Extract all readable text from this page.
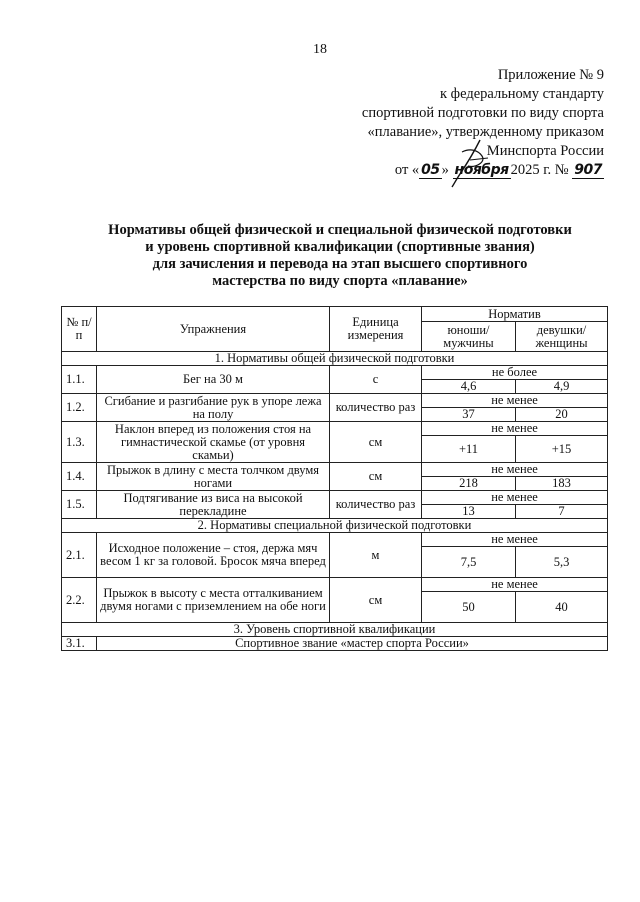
18
Приложение № 9
к федеральному стандарту
спортивной подготовки по виду спорта
«плавание», утвержденному приказом
Минспорта России
от « 05 » ноября 2025 г. № 907
Нормативы общей физической и специальной физической подготовки
и уровень спортивной квалификации (спортивные звания)
для зачисления и перевода на этап высшего спортивного
мастерства по виду спорта «плавание»
№ п/п	Упражнения	Единица измерения	Норматив	
			юноши/ мужчины	девушки/ женщины
1. Нормативы общей физической подготовки				
1.1.	Бег на 30 м	с	не более	
			4,6	4,9
1.2.	Сгибание и разгибание рук в упоре лежа на полу	количество раз	не менее	
			37	20
1.3.	Наклон вперед из положения стоя на гимнастической скамье (от уровня скамьи)	см	не менее	
			+11	+15
1.4.	Прыжок в длину с места толчком двумя ногами	см	не менее	
			218	183
1.5.	Подтягивание из виса на высокой перекладине	количество раз	не менее	
			13	7
2. Нормативы специальной физической подготовки				
2.1.	Исходное положение – стоя, держа мяч весом 1 кг за головой. Бросок мяча вперед	м	не менее	
			7,5	5,3
2.2.	Прыжок в высоту с места отталкиванием двумя ногами с приземлением на обе ноги	см	не менее	
			50	40
3. Уровень спортивной квалификации				
3.1.	Спортивное звание «мастер спорта России»			
